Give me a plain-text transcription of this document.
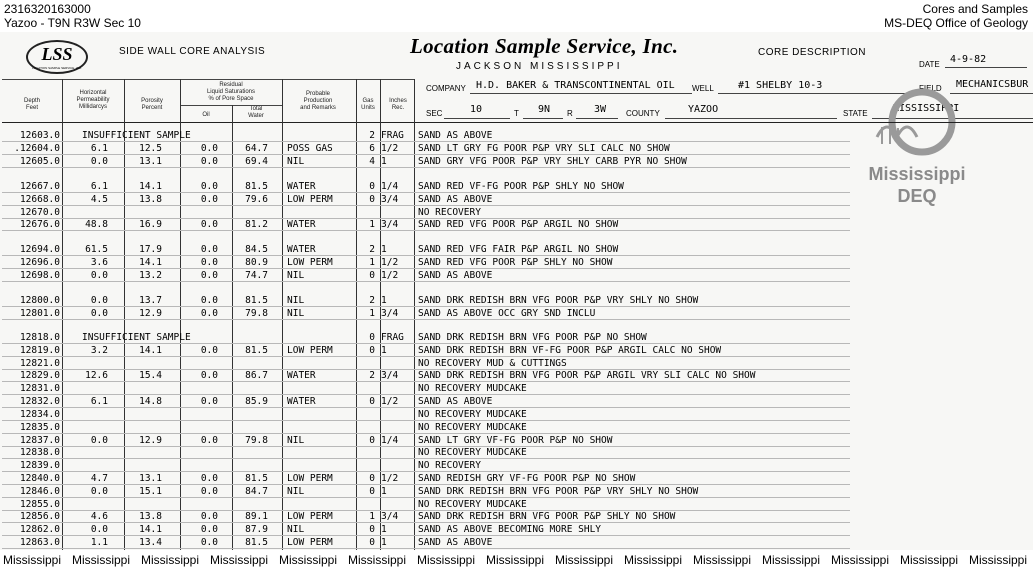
2316320163000
Yazoo - T9N R3W Sec 10
Cores and Samples
MS-DEQ Office of Geology
LSS
LOCATION SAMPLE SERVICE, INC.
SIDE WALL CORE ANALYSIS	Location Sample Service, Inc.
JACKSON MISSISSIPPI
CORE DESCRIPTION
DATE 4-9-82
COMPANY H.D. BAKER & TRANSCONTINENTAL OIL WELL #1 SHELBY 10-3	FIELD MECHANICSBUR
SEC	10	T 9N R 3W COUNTY	YAZOO	STATE	MISSISSIPPI
Mississippi
DEQ
Depth
Feet
Horizontal
Permeability
Millidarcys
Porosity
Percent
Residual
Liquid Saturations
% of Pore Space
Oil
Total
Water
Probable
Production
and Remarks
Gas
Units
Inches
Rec.
12603.0 INSUFFICIENT SAMPLE	2 FRAG	SAND AS ABOVE
.12604.0	6.1	12.5	0.0	64.7 POSS GAS	6 1/2	SAND LT GRY FG POOR P&P VRY SLI CALC NO SHOW
12605.0	0.0	13.1	0.0	69.4 NIL	4 1	SAND GRY VFG POOR P&P VRY SHLY CARB PYR NO SHOW
12667.0	6.1	14.1	0.0	81.5 WATER	0 1/4	SAND RED VF-FG POOR P&P SHLY NO SHOW
12668.0	4.5	13.8	0.0	79.6 LOW PERM	0 3/4	SAND AS ABOVE
12670.0	NO RECOVERY
12676.0	48.8	16.9	0.0	81.2 WATER	1 3/4	SAND RED VFG POOR P&P ARGIL NO SHOW
12694.0	61.5	17.9	0.0	84.5 WATER	2 1	SAND RED VFG FAIR P&P ARGIL NO SHOW
12696.0	3.6	14.1	0.0	80.9 LOW PERM	1 1/2	SAND RED VFG POOR P&P SHLY NO SHOW
12698.0	0.0	13.2	0.0	74.7 NIL	0 1/2	SAND AS ABOVE
12800.0	0.0	13.7	0.0	81.5 NIL	2 1	SAND DRK REDISH BRN VFG POOR P&P VRY SHLY NO SHOW
12801.0	0.0	12.9	0.0	79.8 NIL	1 3/4	SAND AS ABOVE OCC GRY SND INCLU
12818.0 INSUFFICIENT SAMPLE	0 FRAG	SAND DRK REDISH BRN VFG POOR P&P NO SHOW
12819.0	3.2	14.1	0.0	81.5 LOW PERM	0 1	SAND DRK REDISH BRN VF-FG POOR P&P ARGIL CALC NO SHOW
12821.0	NO RECOVERY MUD & CUTTINGS
12829.0	12.6	15.4	0.0	86.7 WATER	2 3/4	SAND DRK REDISH BRN VFG POOR P&P ARGIL VRY SLI CALC NO SHOW
12831.0	NO RECOVERY MUDCAKE
12832.0	6.1	14.8	0.0	85.9 WATER	0 1/2	SAND AS ABOVE
12834.0	NO RECOVERY MUDCAKE
12835.0	NO RECOVERY MUDCAKE
12837.0	0.0	12.9	0.0	79.8 NIL	0 1/4	SAND LT GRY VF-FG POOR P&P NO SHOW
12838.0	NO RECOVERY MUDCAKE
12839.0	NO RECOVERY
12840.0	4.7	13.1	0.0	81.5 LOW PERM	0 1/2	SAND REDISH GRY VF-FG POOR P&P NO SHOW
12846.0	0.0	15.1	0.0	84.7 NIL	0 1	SAND DRK REDISH BRN VFG POOR P&P VRY SHLY NO SHOW
12855.0	NO RECOVERY MUDCAKE
12856.0	4.6	13.8	0.0	89.1 LOW PERM	1 3/4	SAND DRK REDISH BRN VFG POOR P&P SHLY NO SHOW
12862.0	0.0	14.1	0.0	87.9 NIL	0 1	SAND AS ABOVE BECOMING MORE SHLY
12863.0	1.1	13.4	0.0	81.5 LOW PERM	0 1	SAND AS ABOVE
Mississippi Mississippi Mississippi Mississippi Mississippi Mississippi Mississippi Mississippi Mississippi Mississippi Mississippi Mississippi Mississippi Mississippi Mississippi
